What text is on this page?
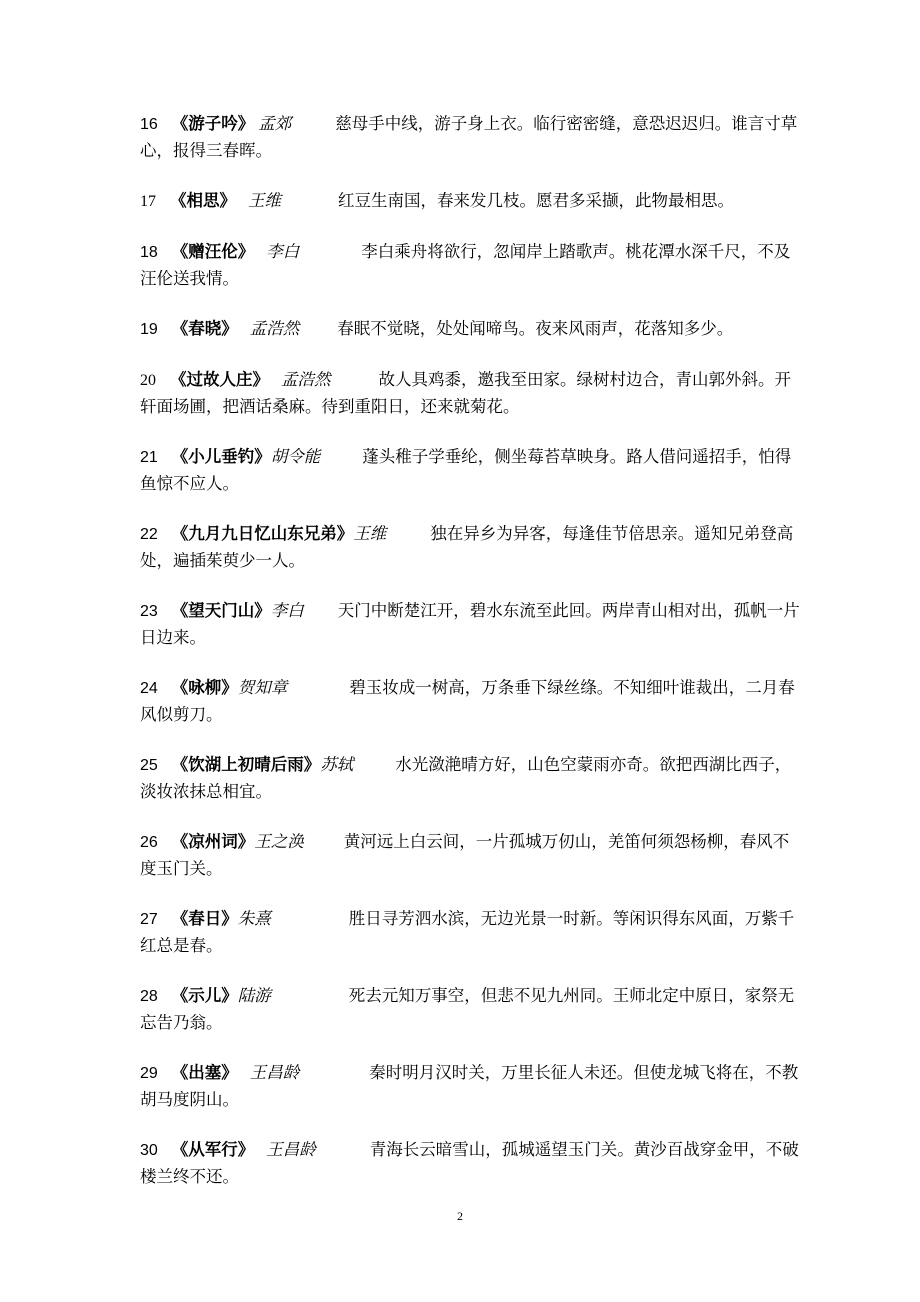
16 《游子吟》 孟郊	慈母手中线，游子身上衣。临行密密缝，意恐迟迟归。谁言寸草心，报得三春晖。

17 《相思》 王维	红豆生南国，春来发几枝。愿君多采撷，此物最相思。

18 《赠汪伦》 李白	李白乘舟将欲行，忽闻岸上踏歌声。桃花潭水深千尺，不及汪伦送我情。

19 《春晓》 孟浩然 春眠不觉晓，处处闻啼鸟。夜来风雨声，花落知多少。

20 《过故人庄》 孟浩然	故人具鸡黍，邀我至田家。绿树村边合，青山郭外斜。开轩面场圃，把酒话桑麻。待到重阳日，还来就菊花。

21 《小儿垂钓》胡令能	蓬头稚子学垂纶，侧坐莓苔草映身。路人借问遥招手，怕得鱼惊不应人。

22 《九月九日忆山东兄弟》王维	独在异乡为异客，每逢佳节倍思亲。遥知兄弟登高处，遍插茱萸少一人。

23 《望天门山》李白 天门中断楚江开，碧水东流至此回。两岸青山相对出，孤帆一片日边来。

24 《咏柳》贺知章	碧玉妆成一树高，万条垂下绿丝绦。不知细叶谁裁出，二月春风似剪刀。

25 《饮湖上初晴后雨》苏轼	水光潋滟晴方好，山色空蒙雨亦奇。欲把西湖比西子，淡妆浓抹总相宜。

26 《凉州词》王之涣 黄河远上白云间，一片孤城万仞山，羌笛何须怨杨柳，春风不度玉门关。

27 《春日》朱熹	胜日寻芳泗水滨，无边光景一时新。等闲识得东风面，万紫千红总是春。

28 《示儿》陆游	死去元知万事空，但悲不见九州同。王师北定中原日，家祭无忘告乃翁。

29 《出塞》 王昌龄	秦时明月汉时关，万里长征人未还。但使龙城飞将在，不教胡马度阴山。

30 《从军行》 王昌龄	青海长云暗雪山，孤城遥望玉门关。黄沙百战穿金甲，不破楼兰终不还。

2
